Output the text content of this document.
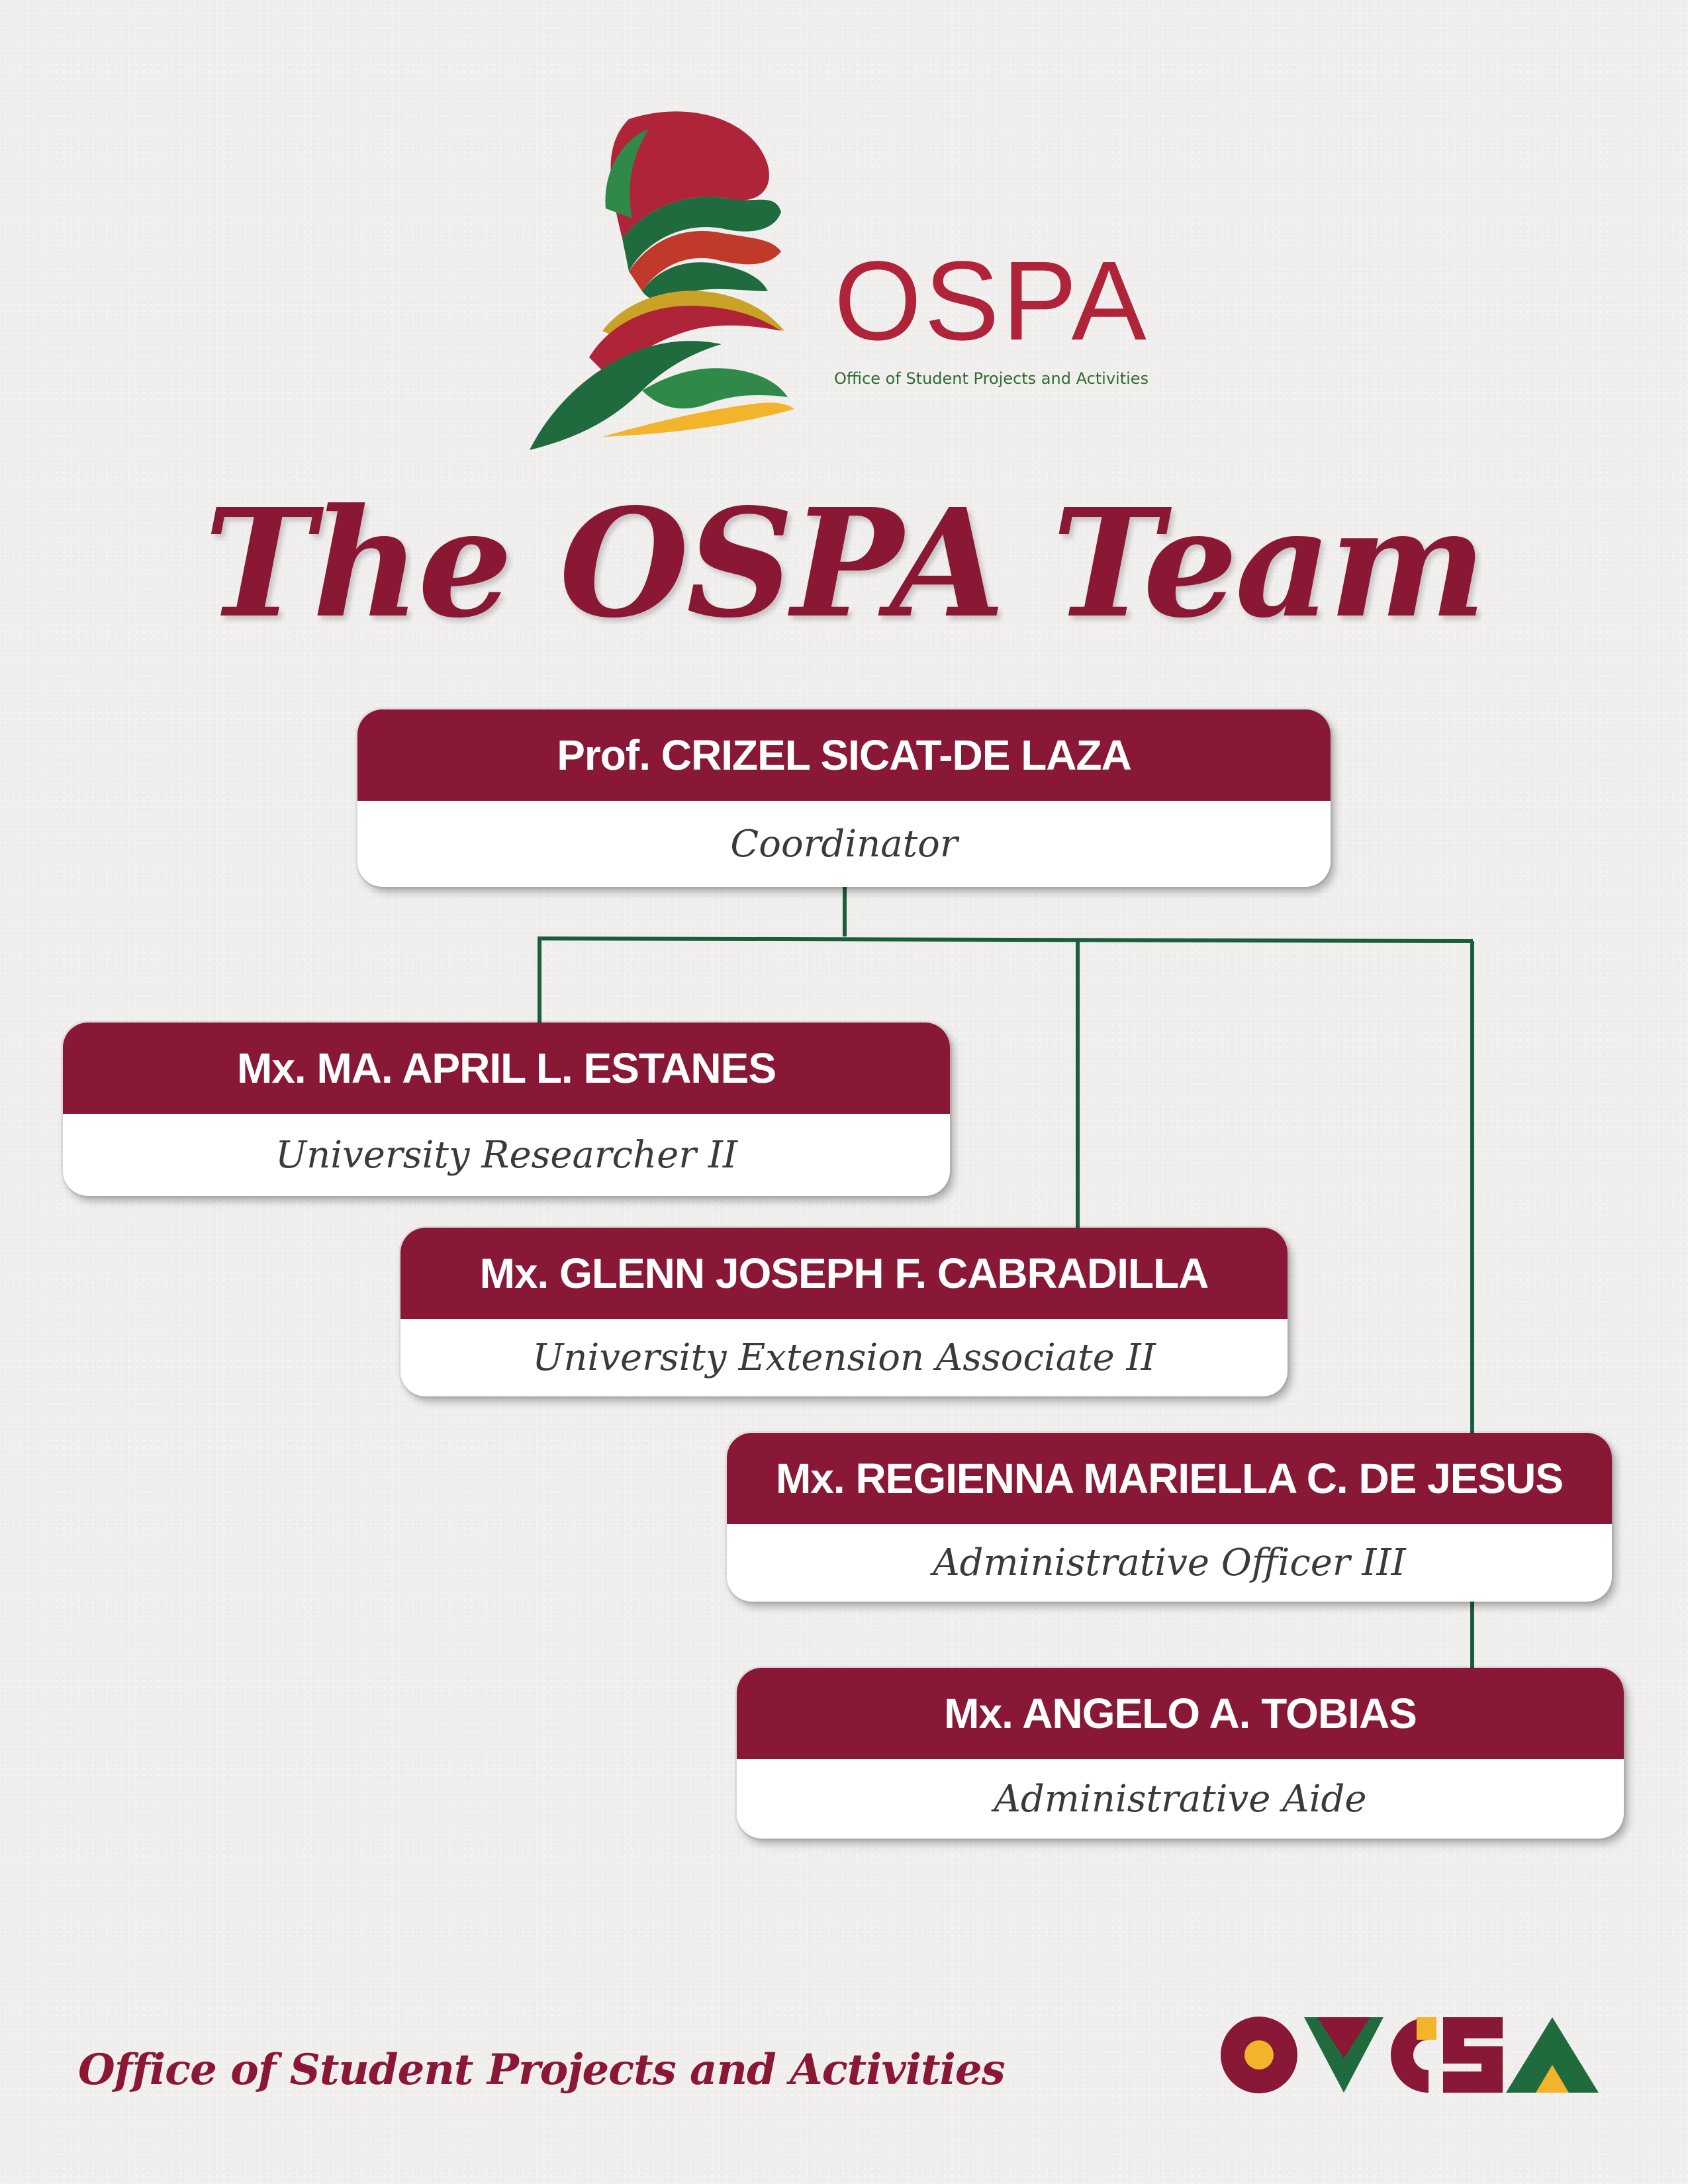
OSPA
Office of Student Projects and Activities
The OSPA Team
Prof. CRIZEL SICAT-DE LAZA
Coordinator
Mx. MA. APRIL L. ESTANES
University Researcher II
Mx. GLENN JOSEPH F. CABRADILLA
University Extension Associate II
Mx. REGIENNA MARIELLA C. DE JESUS
Administrative Officer III
Mx. ANGELO A. TOBIAS
Administrative Aide
Office of Student Projects and Activities
